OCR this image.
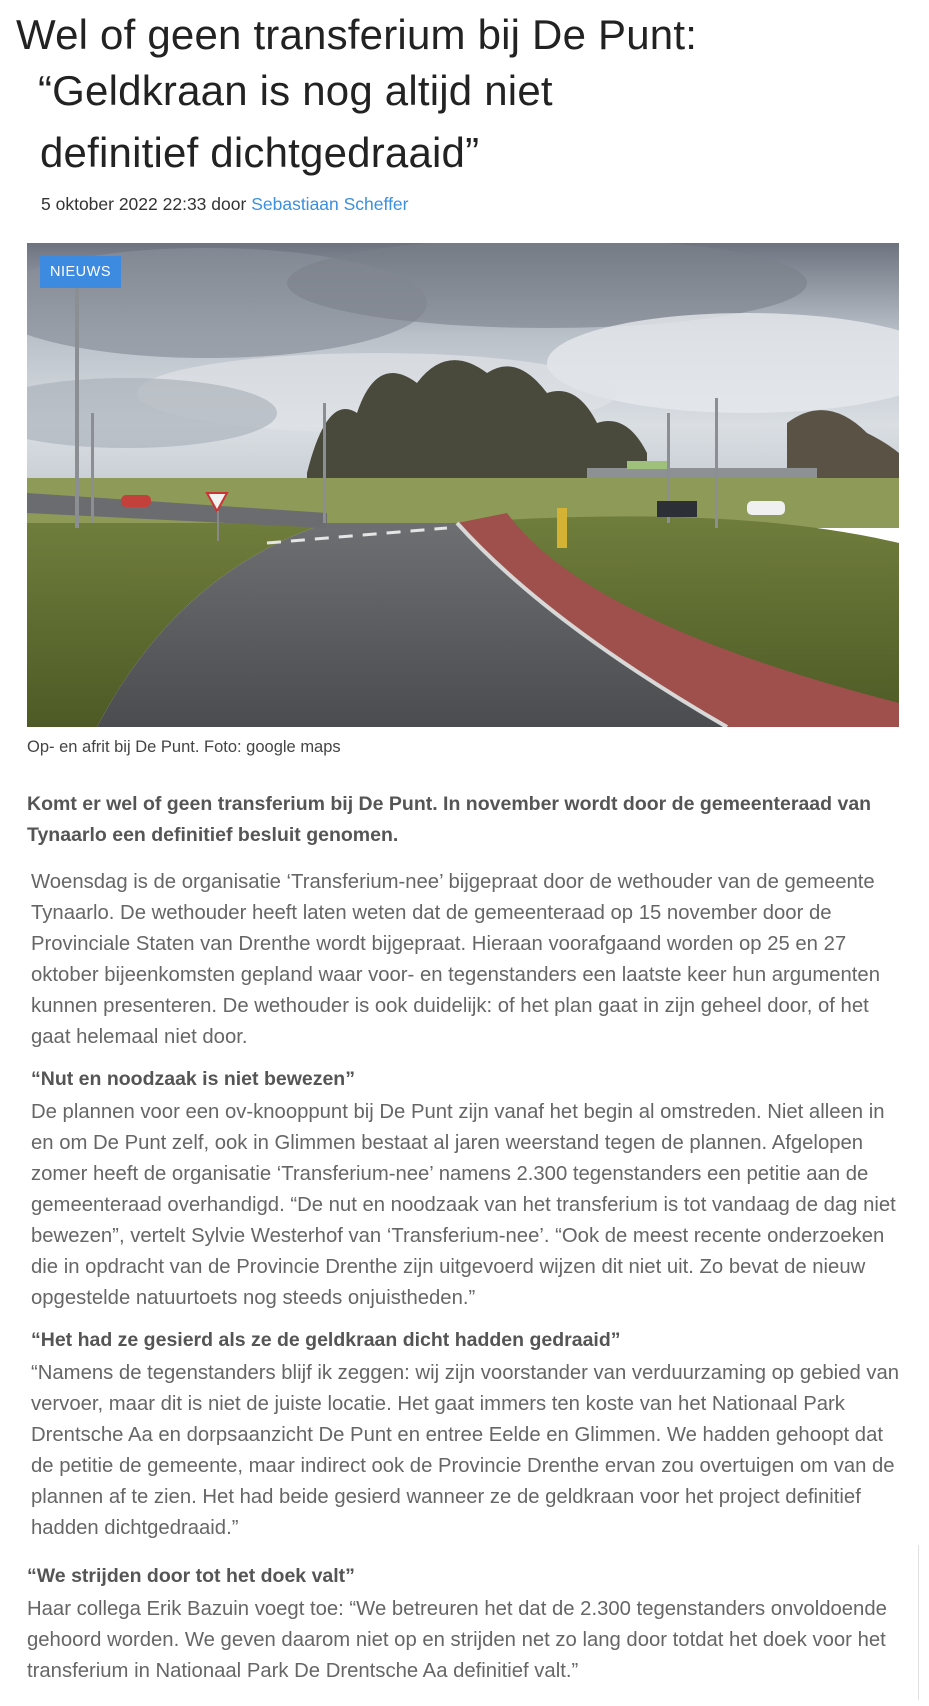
Wel of geen transferium bij De Punt:
“Geldkraan is nog altijd niet
definitief dichtgedraaid”
5 oktober 2022 22:33 door Sebastiaan Scheffer
NIEUWS
Op- en afrit bij De Punt. Foto: google maps

Komt er wel of geen transferium bij De Punt. In november wordt door de gemeenteraad van Tynaarlo een definitief besluit genomen.

Woensdag is de organisatie ‘Transferium-nee’ bijgepraat door de wethouder van de gemeente Tynaarlo. De wethouder heeft laten weten dat de gemeenteraad op 15 november door de Provinciale Staten van Drenthe wordt bijgepraat. Hieraan voorafgaand worden op 25 en 27 oktober bijeenkomsten gepland waar voor- en tegenstanders een laatste keer hun argumenten kunnen presenteren. De wethouder is ook duidelijk: of het plan gaat in zijn geheel door, of het gaat helemaal niet door.

“Nut en noodzaak is niet bewezen”

De plannen voor een ov-knooppunt bij De Punt zijn vanaf het begin al omstreden. Niet alleen in en om De Punt zelf, ook in Glimmen bestaat al jaren weerstand tegen de plannen. Afgelopen zomer heeft de organisatie ‘Transferium-nee’ namens 2.300 tegenstanders een petitie aan de gemeenteraad overhandigd. “De nut en noodzaak van het transferium is tot vandaag de dag niet bewezen”, vertelt Sylvie Westerhof van ‘Transferium-nee’. “Ook de meest recente onderzoeken die in opdracht van de Provincie Drenthe zijn uitgevoerd wijzen dit niet uit. Zo bevat de nieuw opgestelde natuurtoets nog steeds onjuistheden.”

“Het had ze gesierd als ze de geldkraan dicht hadden gedraaid”

“Namens de tegenstanders blijf ik zeggen: wij zijn voorstander van verduurzaming op gebied van vervoer, maar dit is niet de juiste locatie. Het gaat immers ten koste van het Nationaal Park Drentsche Aa en dorpsaanzicht De Punt en entree Eelde en Glimmen. We hadden gehoopt dat de petitie de gemeente, maar indirect ook de Provincie Drenthe ervan zou overtuigen om van de plannen af te zien. Het had beide gesierd wanneer ze de geldkraan voor het project definitief hadden dichtgedraaid.”

“We strijden door tot het doek valt”

Haar collega Erik Bazuin voegt toe: “We betreuren het dat de 2.300 tegenstanders onvoldoende gehoord worden. We geven daarom niet op en strijden net zo lang door totdat het doek voor het transferium in Nationaal Park De Drentsche Aa definitief valt.”
